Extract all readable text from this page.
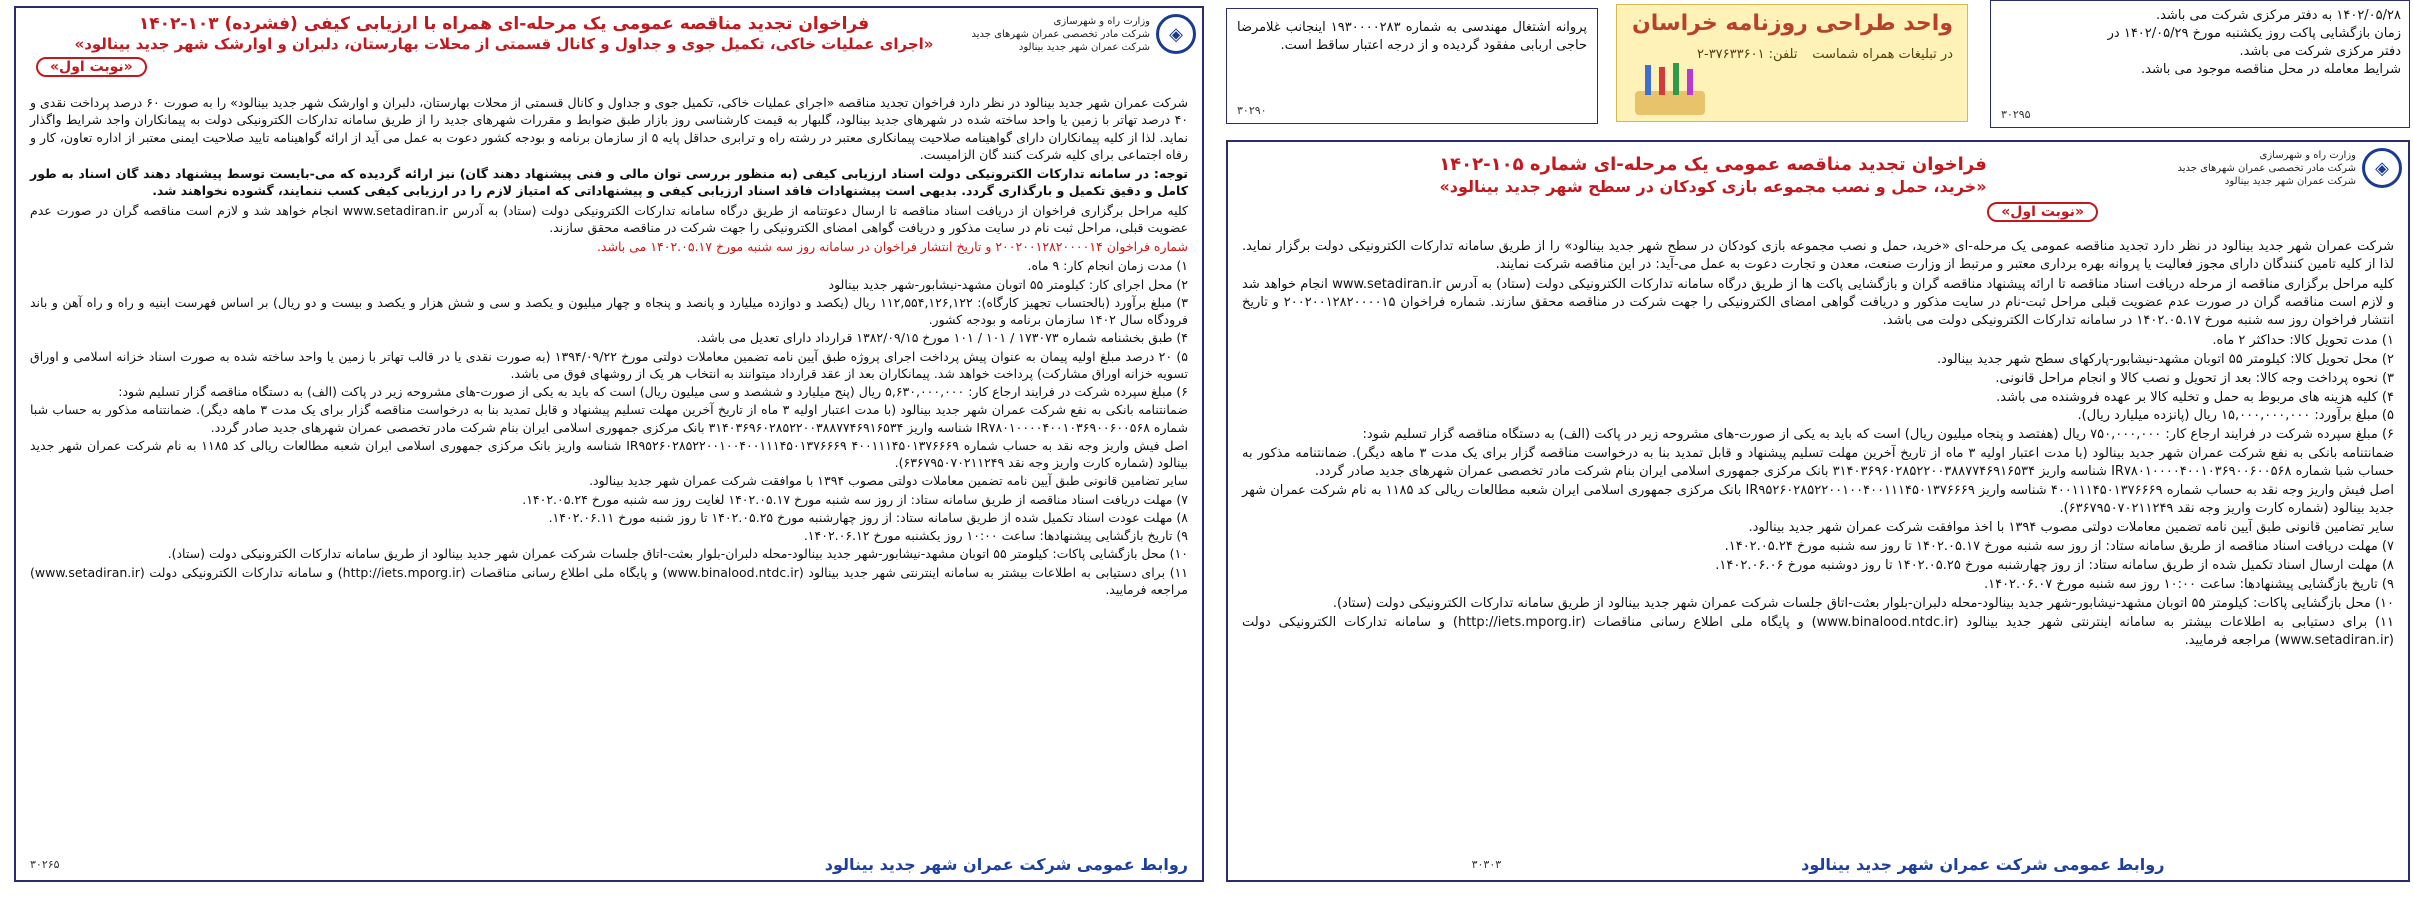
◈
وزارت راه و شهرسازی
شرکت مادر تخصصی عمران شهرهای جدید
شرکت عمران شهر جدید بینالود
فراخوان تجدید مناقصه عمومی یک مرحله-ای همراه با ارزیابی کیفی (فشرده) ۱۰۳-۱۴۰۲
«اجرای عملیات خاکی، تکمیل جوی و جداول و کانال قسمتی از محلات بهارستان، دلبران و اوارشک شهر جدید بینالود»
«نوبت اول»

شرکت عمران شهر جدید بینالود در نظر دارد فراخوان تجدید مناقصه «اجرای عملیات خاکی، تکمیل جوی و جداول و کانال قسمتی از محلات بهارستان، دلبران و اوارشک شهر جدید بینالود» را به صورت ۶۰ درصد پرداخت نقدی و ۴۰ درصد تهاتر با زمین یا واحد ساخته شده در شهرهای جدید بینالود، گلبهار به قیمت کارشناسی روز بازار طبق ضوابط و مقررات شهرهای جدید را از طریق سامانه تدارکات الکترونیکی دولت به پیمانکاران واجد شرایط واگذار نماید. لذا از کلیه پیمانکاران دارای گواهینامه صلاحیت پیمانکاری معتبر در رشته راه و ترابری حداقل پایه ۵ از سازمان برنامه و بودجه کشور دعوت به عمل می آید از ارائه گواهینامه تایید صلاحیت ایمنی معتبر از اداره تعاون، کار و رفاه اجتماعی برای کلیه شرکت کنند گان الزامیست.

توجه: در سامانه تدارکات الکترونیکی دولت اسناد ارزیابی کیفی (به منظور بررسی توان مالی و فنی پیشنهاد دهند گان) نیز ارائه گردیده که می-بایست توسط پیشنهاد دهند گان اسناد به طور کامل و دقیق تکمیل و بارگذاری گردد. بدیهی است پیشنهادات فاقد اسناد ارزیابی کیفی و پیشنهاداتی که امتیاز لازم را در ارزیابی کیفی کسب ننمایند، گشوده نخواهند شد.

کلیه مراحل برگزاری فراخوان از دریافت اسناد مناقصه تا ارسال دعوتنامه از طریق درگاه سامانه تدارکات الکترونیکی دولت (ستاد) به آدرس www.setadiran.ir انجام خواهد شد و لازم است مناقصه گران در صورت عدم عضویت قبلی، مراحل ثبت نام در سایت مذکور و دریافت گواهی امضای الکترونیکی را جهت شرکت در مناقصه محقق سازند.

شماره فراخوان ۲۰۰۲۰۰۱۲۸۲۰۰۰۰۱۴ و تاریخ انتشار فراخوان در سامانه روز سه شنبه مورخ ۱۴۰۲.۰۵.۱۷ می باشد.

۱) مدت زمان انجام کار: ۹ ماه.

۲) محل اجرای کار: کیلومتر ۵۵ اتوبان مشهد-نیشابور-شهر جدید بینالود

۳) مبلغ برآورد (بالحتساب تجهیز کارگاه): ۱۱۲,۵۵۴,۱۲۶,۱۲۲ ریال (یکصد و دوازده میلیارد و پانصد و پنجاه و چهار میلیون و یکصد و سی و شش هزار و یکصد و بیست و دو ریال) بر اساس فهرست ابنیه و راه و راه آهن و باند فرودگاه سال ۱۴۰۲ سازمان برنامه و بودجه کشور.

۴) طبق بخشنامه شماره ۱۷۳۰۷۳ / ۱۰۱ / ۱۰۱ مورخ ۱۳۸۲/۰۹/۱۵ قرارداد دارای تعدیل می باشد.

۵) ۲۰ درصد مبلغ اولیه پیمان به عنوان پیش پرداخت اجرای پروژه طبق آیین نامه تضمین معاملات دولتی مورخ ۱۳۹۴/۰۹/۲۲ (به صورت نقدی یا در قالب تهاتر با زمین یا واحد ساخته شده به صورت اسناد خزانه اسلامی و اوراق تسویه خزانه اوراق مشارکت) پرداخت خواهد شد. پیمانکاران بعد از عقد قرارداد میتوانند به انتخاب هر یک از روشهای فوق می باشد.

۶) مبلغ سپرده شرکت در فرایند ارجاع کار: ۵,۶۳۰,۰۰۰,۰۰۰ ریال (پنج میلیارد و ششصد و سی میلیون ریال) است که باید به یکی از صورت-های مشروحه زیر در پاکت (الف) به دستگاه مناقصه گزار تسلیم شود:

ضمانتنامه بانکی به نفع شرکت عمران شهر جدید بینالود (با مدت اعتبار اولیه ۳ ماه از تاریخ آخرین مهلت تسلیم پیشنهاد و قابل تمدید بنا به درخواست مناقصه گزار برای یک مدت ۳ ماهه دیگر). ضمانتنامه مذکور به حساب شبا شماره IR۷۸۰۱۰۰۰۰۴۰۰۱۰۳۶۹۰۰۶۰۰۵۶۸ شناسه واریز ۳۱۴۰۳۶۹۶۰۲۸۵۲۲۰۰۳۸۸۷۷۴۶۹۱۶۵۳۴ بانک مرکزی جمهوری اسلامی ایران بنام شرکت مادر تخصصی عمران شهرهای جدید صادر گردد.

اصل فیش واریز وجه نقد به حساب شماره ۴۰۰۱۱۱۴۵۰۱۳۷۶۶۶۹ IR۹۵۲۶۰۲۸۵۲۲۰۰۱۰۰۴۰۰۱۱۱۴۵۰۱۳۷۶۶۶۹ شناسه واریز بانک مرکزی جمهوری اسلامی ایران شعبه مطالعات ریالی کد ۱۱۸۵ به نام شرکت عمران شهر جدید بینالود (شماره کارت واریز وجه نقد ۶۳۶۷۹۵۰۷۰۲۱۱۲۴۹).

سایر تضامین قانونی طبق آیین نامه تضمین معاملات دولتی مصوب ۱۳۹۴ با موافقت شرکت عمران شهر جدید بینالود.

۷) مهلت دریافت اسناد مناقصه از طریق سامانه ستاد: از روز سه شنبه مورخ ۱۴۰۲.۰۵.۱۷ لغایت روز سه شنبه مورخ ۱۴۰۲.۰۵.۲۴.

۸) مهلت عودت اسناد تکمیل شده از طریق سامانه ستاد: از روز چهارشنبه مورخ ۱۴۰۲.۰۵.۲۵ تا روز شنبه مورخ ۱۴۰۲.۰۶.۱۱.

۹) تاریخ بازگشایی پیشنهادها: ساعت ۱۰:۰۰ روز یکشنبه مورخ ۱۴۰۲.۰۶.۱۲.

۱۰) محل بازگشایی پاکات: کیلومتر ۵۵ اتوبان مشهد-نیشابور-شهر جدید بینالود-محله دلبران-بلوار بعثت-اتاق جلسات شرکت عمران شهر جدید بینالود از طریق سامانه تدارکات الکترونیکی دولت (ستاد).

۱۱) برای دستیابی به اطلاعات بیشتر به سامانه اینترنتی شهر جدید بینالود (www.binalood.ntdc.ir) و پایگاه ملی اطلاع رسانی مناقصات (http://iets.mporg.ir) و سامانه تدارکات الکترونیکی دولت (www.setadiran.ir) مراجعه فرمایید.

روابط عمومی شرکت عمران شهر جدید بینالود
۳۰۲۶۵
واحد طراحی روزنامه خراسان
در تبلیغات همراه شماست
تلفن: ۳۷۶۳۳۶۰۱-۲
پروانه اشتغال مهندسی به شماره ۱۹۳۰۰۰۰۲۸۳ اینجانب غلامرضا حاجی اربابی مفقود گردیده و از درجه اعتبار ساقط است.
۳۰۲۹۰
۱۴۰۲/۰۵/۲۸ به دفتر مرکزی شرکت می باشد.
زمان بازگشایی پاکت روز یکشنبه مورخ ۱۴۰۲/۰۵/۲۹ در
دفتر مرکزی شرکت می باشد.
شرایط معامله در محل مناقصه موجود می باشد.
۳۰۲۹۵
◈
وزارت راه و شهرسازی
شرکت مادر تخصصی عمران شهرهای جدید
شرکت عمران شهر جدید بینالود
فراخوان تجدید مناقصه عمومی یک مرحله-ای شماره ۱۰۵-۱۴۰۲
«خرید، حمل و نصب مجموعه بازی کودکان در سطح شهر جدید بینالود»
«نوبت اول»

شرکت عمران شهر جدید بینالود در نظر دارد تجدید مناقصه عمومی یک مرحله-ای «خرید، حمل و نصب مجموعه بازی کودکان در سطح شهر جدید بینالود» را از طریق سامانه تدارکات الکترونیکی دولت برگزار نماید. لذا از کلیه تامین کنندگان دارای مجوز فعالیت یا پروانه بهره برداری معتبر و مرتبط از وزارت صنعت، معدن و تجارت دعوت به عمل می-آید: در این مناقصه شرکت نمایند.

کلیه مراحل برگزاری مناقصه از مرحله دریافت اسناد مناقصه تا ارائه پیشنهاد مناقصه گران و بازگشایی پاکت ها از طریق درگاه سامانه تدارکات الکترونیکی دولت (ستاد) به آدرس www.setadiran.ir انجام خواهد شد و لازم است مناقصه گران در صورت عدم عضویت قبلی مراحل ثبت-نام در سایت مذکور و دریافت گواهی امضای الکترونیکی را جهت شرکت در مناقصه محقق سازند. شماره فراخوان ۲۰۰۲۰۰۱۲۸۲۰۰۰۰۱۵ و تاریخ انتشار فراخوان روز سه شنبه مورخ ۱۴۰۲.۰۵.۱۷ در سامانه تدارکات الکترونیکی دولت می باشد.

۱) مدت تحویل کالا: حداکثر ۲ ماه.

۲) محل تحویل کالا: کیلومتر ۵۵ اتوبان مشهد-نیشابور-پارکهای سطح شهر جدید بینالود.

۳) نحوه پرداخت وجه کالا: بعد از تحویل و نصب کالا و انجام مراحل قانونی.

۴) کلیه هزینه های مربوط به حمل و تخلیه کالا بر عهده فروشنده می باشد.

۵) مبلغ برآورد: ۱۵,۰۰۰,۰۰۰,۰۰۰ ریال (پانزده میلیارد ریال).

۶) مبلغ سپرده شرکت در فرایند ارجاع کار: ۷۵۰,۰۰۰,۰۰۰ ریال (هفتصد و پنجاه میلیون ریال) است که باید به یکی از صورت-های مشروحه زیر در پاکت (الف) به دستگاه مناقصه گزار تسلیم شود:

ضمانتنامه بانکی به نفع شرکت عمران شهر جدید بینالود (با مدت اعتبار اولیه ۳ ماه از تاریخ آخرین مهلت تسلیم پیشنهاد و قابل تمدید بنا به درخواست مناقصه گزار برای یک مدت ۳ ماهه دیگر). ضمانتنامه مذکور به حساب شبا شماره IR۷۸۰۱۰۰۰۰۴۰۰۱۰۳۶۹۰۰۶۰۰۵۶۸ شناسه واریز ۳۱۴۰۳۶۹۶۰۲۸۵۲۲۰۰۳۸۸۷۷۴۶۹۱۶۵۳۴ بانک مرکزی جمهوری اسلامی ایران بنام شرکت مادر تخصصی عمران شهرهای جدید صادر گردد.

اصل فیش واریز وجه نقد به حساب شماره ۴۰۰۱۱۱۴۵۰۱۳۷۶۶۶۹ شناسه واریز IR۹۵۲۶۰۲۸۵۲۲۰۰۱۰۰۴۰۰۱۱۱۴۵۰۱۳۷۶۶۶۹ بانک مرکزی جمهوری اسلامی ایران شعبه مطالعات ریالی کد ۱۱۸۵ به نام شرکت عمران شهر جدید بینالود (شماره کارت واریز وجه نقد ۶۳۶۷۹۵۰۷۰۲۱۱۲۴۹).

سایر تضامین قانونی طبق آیین نامه تضمین معاملات دولتی مصوب ۱۳۹۴ با اخذ موافقت شرکت عمران شهر جدید بینالود.

۷) مهلت دریافت اسناد مناقصه از طریق سامانه ستاد: از روز سه شنبه مورخ ۱۴۰۲.۰۵.۱۷ تا روز سه شنبه مورخ ۱۴۰۲.۰۵.۲۴.

۸) مهلت ارسال اسناد تکمیل شده از طریق سامانه ستاد: از روز چهارشنبه مورخ ۱۴۰۲.۰۵.۲۵ تا روز دوشنبه مورخ ۱۴۰۲.۰۶.۰۶.

۹) تاریخ بازگشایی پیشنهادها: ساعت ۱۰:۰۰ روز سه شنبه مورخ ۱۴۰۲.۰۶.۰۷.

۱۰) محل بازگشایی پاکات: کیلومتر ۵۵ اتوبان مشهد-نیشابور-شهر جدید بینالود-محله دلبران-بلوار بعثت-اتاق جلسات شرکت عمران شهر جدید بینالود از طریق سامانه تدارکات الکترونیکی دولت (ستاد).

۱۱) برای دستیابی به اطلاعات بیشتر به سامانه اینترنتی شهر جدید بینالود (www.binalood.ntdc.ir) و پایگاه ملی اطلاع رسانی مناقصات (http://iets.mporg.ir) و سامانه تدارکات الکترونیکی دولت (www.setadiran.ir) مراجعه فرمایید.

روابط عمومی شرکت عمران شهر جدید بینالود
۳۰۳۰۳
